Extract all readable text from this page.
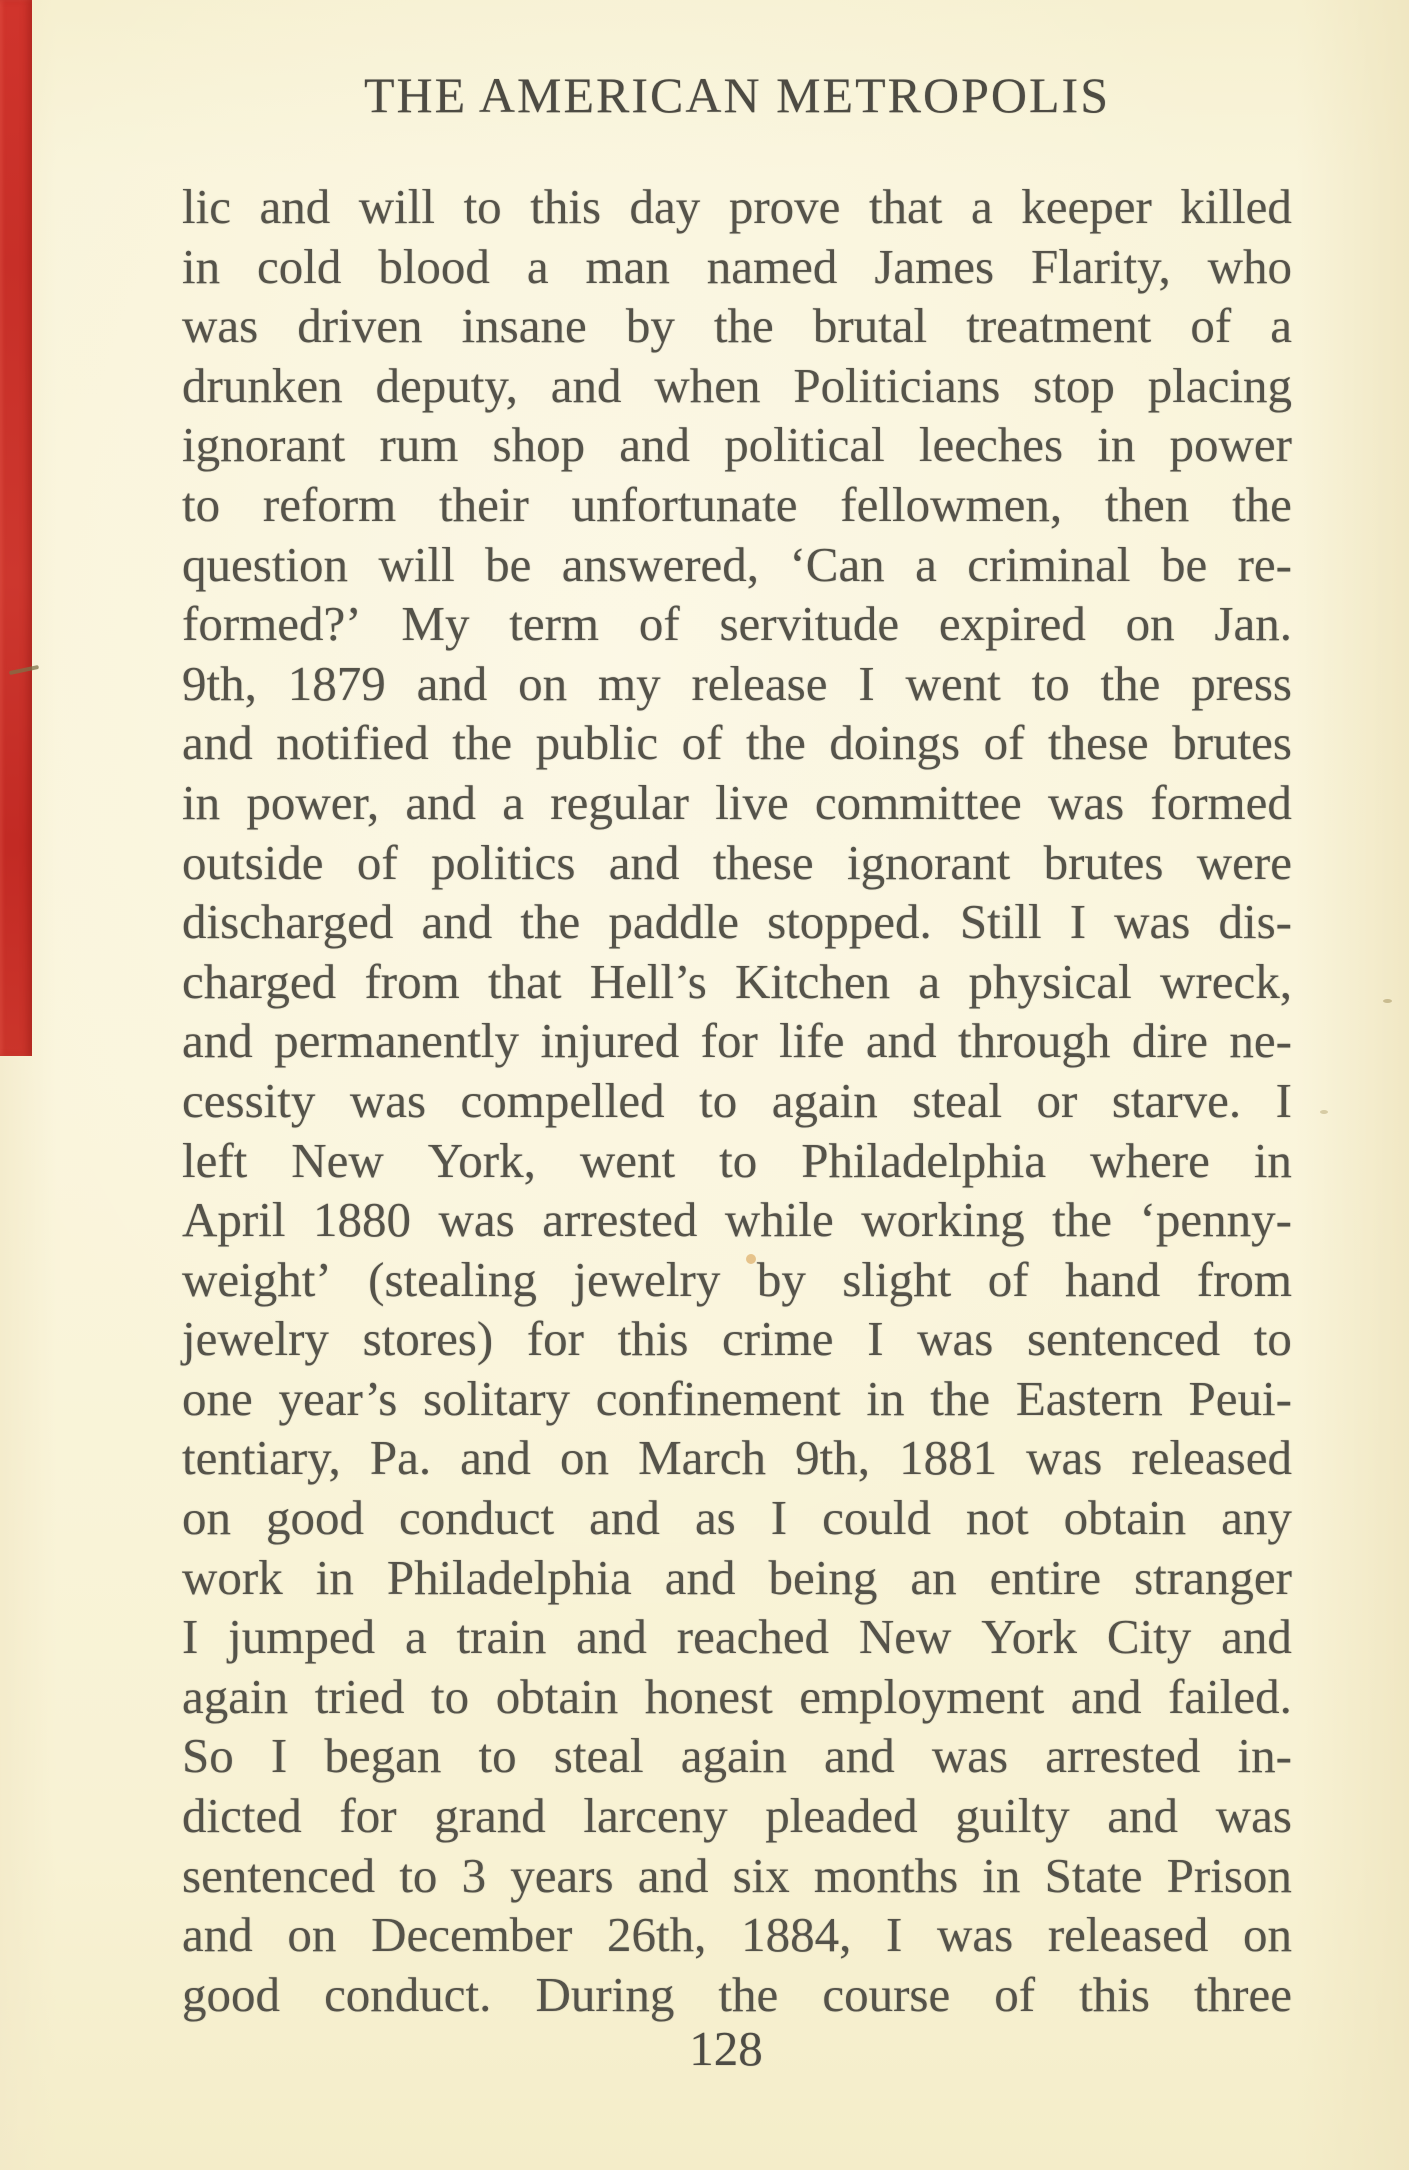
THE AMERICAN METROPOLIS
lic and will to this day prove that a keeper killed
in cold blood a man named James Flarity, who
was driven insane by the brutal treatment of a
drunken deputy, and when Politicians stop placing
ignorant rum shop and political leeches in power
to reform their unfortunate fellowmen, then the
question will be answered, ‘Can a criminal be re-
formed?’ My term of servitude expired on Jan.
9th, 1879 and on my release I went to the press
and notified the public of the doings of these brutes
in power, and a regular live committee was formed
outside of politics and these ignorant brutes were
discharged and the paddle stopped. Still I was dis-
charged from that Hell’s Kitchen a physical wreck,
and permanently injured for life and through dire ne-
cessity was compelled to again steal or starve. I
left New York, went to Philadelphia where in
April 1880 was arrested while working the ‘penny-
weight’ (stealing jewelry by slight of hand from
jewelry stores) for this crime I was sentenced to
one year’s solitary confinement in the Eastern Peui-
tentiary, Pa. and on March 9th, 1881 was released
on good conduct and as I could not obtain any
work in Philadelphia and being an entire stranger
I jumped a train and reached New York City and
again tried to obtain honest employment and failed.
So I began to steal again and was arrested in-
dicted for grand larceny pleaded guilty and was
sentenced to 3 years and six months in State Prison
and on December 26th, 1884, I was released on
good conduct. During the course of this three
128
